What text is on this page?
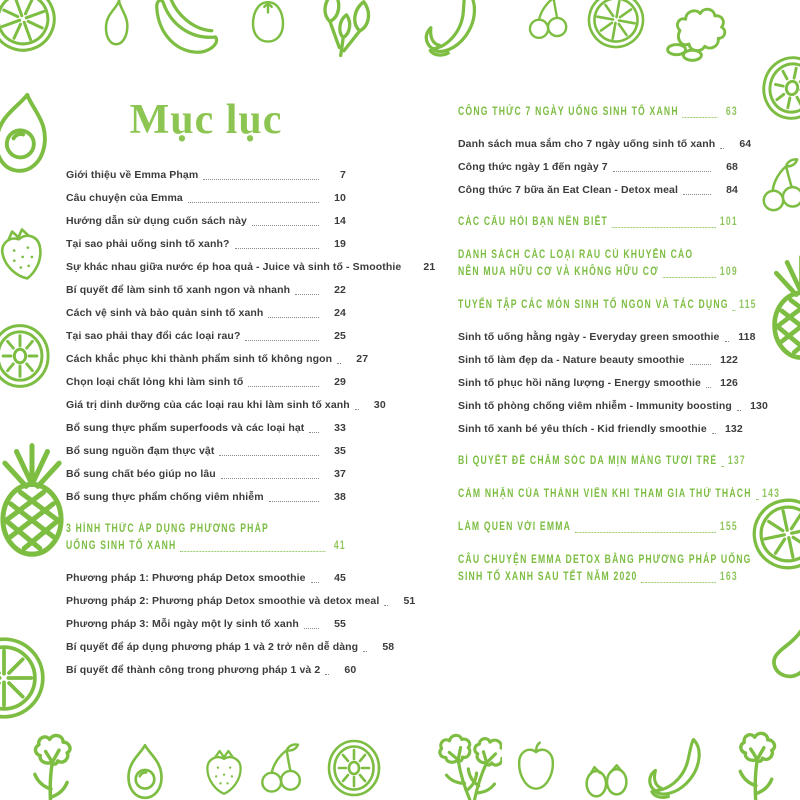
Mục lục
Giới thiệu về Emma Phạm	7
Câu chuyện của Emma	10
Hướng dẫn sử dụng cuốn sách này	14
Tại sao phải uống sinh tố xanh?	19
Sự khác nhau giữa nước ép hoa quả - Juice và sinh tố - Smoothie	21
Bí quyết để làm sinh tố xanh ngon và nhanh	22
Cách vệ sinh và bảo quản sinh tố xanh	24
Tại sao phải thay đổi các loại rau?	25
Cách khắc phục khi thành phẩm sinh tố không ngon	27
Chọn loại chất lỏng khi làm sinh tố	29
Giá trị dinh dưỡng của các loại rau khi làm sinh tố xanh	30
Bổ sung thực phẩm superfoods và các loại hạt	33
Bổ sung nguồn đạm thực vật	35
Bổ sung chất béo giúp no lâu	37
Bổ sung thực phẩm chống viêm nhiễm	38
3 HÌNH THỨC ÁP DỤNG PHƯƠNG PHÁP
UỐNG SINH TỐ XANH	41
Phương pháp 1: Phương pháp Detox smoothie	45
Phương pháp 2: Phương pháp Detox smoothie và detox meal	51
Phương pháp 3: Mỗi ngày một ly sinh tố xanh	55
Bí quyết để áp dụng phương pháp 1 và 2 trở nên dễ dàng	58
Bí quyết để thành công trong phương pháp 1 và 2	60
CÔNG THỨC 7 NGÀY UỐNG SINH TỐ XANH	63
Danh sách mua sắm cho 7 ngày uống sinh tố xanh	64
Công thức ngày 1 đến ngày 7	68
Công thức 7 bữa ăn Eat Clean - Detox meal	84
CÁC CÂU HỎI BẠN NÊN BIẾT	101
DANH SÁCH CÁC LOẠI RAU CỦ KHUYẾN CÁO
NÊN MUA HỮU CƠ VÀ KHÔNG HỮU CƠ	109
TUYỂN TẬP CÁC MÓN SINH TỐ NGON VÀ TÁC DỤNG 115
Sinh tố uống hằng ngày - Everyday green smoothie	118
Sinh tố làm đẹp da - Nature beauty smoothie	122
Sinh tố phục hồi năng lượng - Energy smoothie	126
Sinh tố phòng chống viêm nhiễm - Immunity boosting	130
Sinh tố xanh bé yêu thích - Kid friendly smoothie	132
BÍ QUYẾT ĐỂ CHĂM SÓC DA MỊN MÀNG TƯƠI TRẺ 137
CẢM NHẬN CỦA THÀNH VIÊN KHI THAM GIA THỬ THÁCH 143
LÀM QUEN VỚI EMMA	155
CÂU CHUYỆN EMMA DETOX BẰNG PHƯƠNG PHÁP UỐNG
SINH TỐ XANH SAU TẾT NĂM 2020	163
